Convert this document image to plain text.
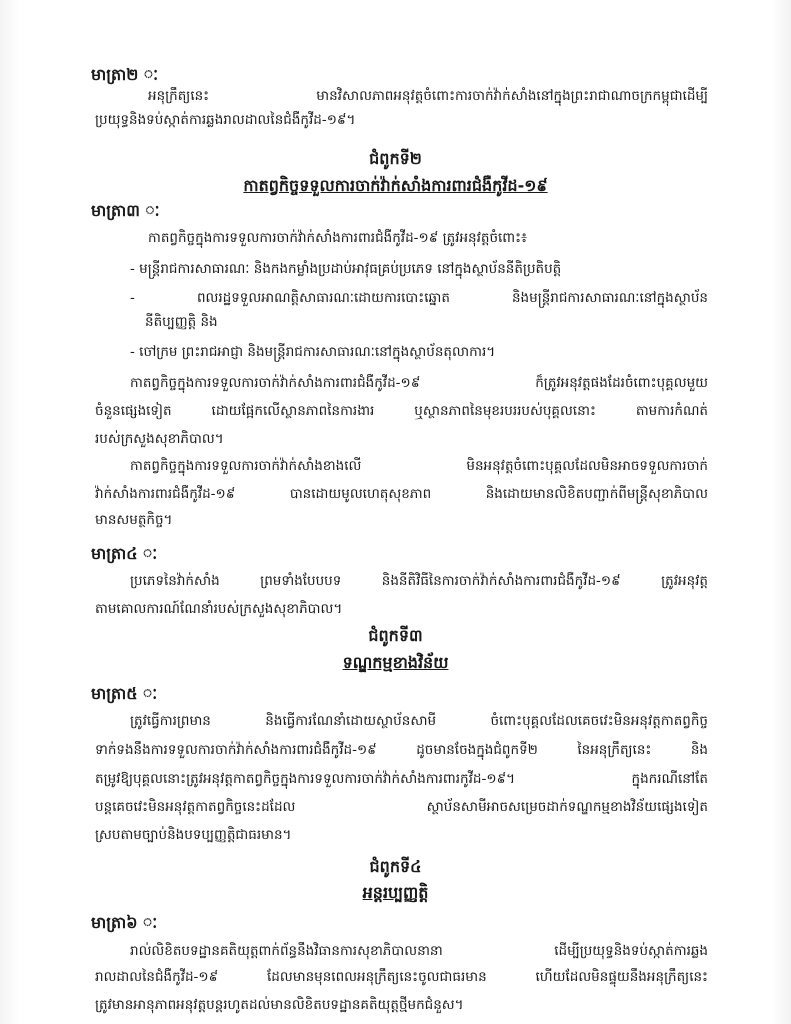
មាត្រា២ ៈ
អនុក្រឹត្យនេះ មានវិសាលភាពអនុវត្តចំពោះការចាក់វ៉ាក់សាំងនៅក្នុងព្រះរាជាណាចក្រកម្ពុជាដើម្បី
ប្រយុទ្ធនិងទប់ស្កាត់ការឆ្លងរាលដាលនៃជំងឺកូវីដ-១៩។
ជំពូកទី២
កាតព្វកិច្ចទទួលការចាក់វ៉ាក់សាំងការពារជំងឺកូវីដ-១៩
មាត្រា៣ ៈ
កាតព្វកិច្ចក្នុងការទទួលការចាក់វ៉ាក់សាំងការពារជំងឺកូវីដ-១៩ ត្រូវអនុវត្តចំពោះ៖
- មន្ត្រីរាជការសាធារណៈ និងកងកម្លាំងប្រដាប់អាវុធគ្រប់ប្រភេទ នៅក្នុងស្ថាប័ននីតិប្រតិបត្តិ
- ពលរដ្ឋទទួលអាណត្តិសាធារណៈដោយការបោះឆ្នោត និងមន្ត្រីរាជការសាធារណៈនៅក្នុងស្ថាប័ន
នីតិប្បញ្ញត្តិ និង
- ចៅក្រម ព្រះរាជអាជ្ញា និងមន្ត្រីរាជការសាធារណៈនៅក្នុងស្ថាប័នតុលាការ។
កាតព្វកិច្ចក្នុងការទទួលការចាក់វ៉ាក់សាំងការពារជំងឺកូវីដ-១៩ ក៏ត្រូវអនុវត្តផងដែរចំពោះបុគ្គលមួយ
ចំនួនផ្សេងទៀត ដោយផ្អែកលើស្ថានភាពនៃការងារ ឬស្ថានភាពនៃមុខរបររបស់បុគ្គលនោះ តាមការកំណត់
របស់ក្រសួងសុខាភិបាល។
កាតព្វកិច្ចក្នុងការទទួលការចាក់វ៉ាក់សាំងខាងលើ មិនអនុវត្តចំពោះបុគ្គលដែលមិនអាចទទួលការចាក់
វ៉ាក់សាំងការពារជំងឺកូវីដ-១៩ បានដោយមូលហេតុសុខភាព និងដោយមានលិខិតបញ្ជាក់ពីមន្ត្រីសុខាភិបាល
មានសមត្ថកិច្ច។
មាត្រា៤ ៈ
ប្រភេទនៃវ៉ាក់សាំង ព្រមទាំងបែបបទ និងនីតិវិធីនៃការចាក់វ៉ាក់សាំងការពារជំងឺកូវីដ-១៩ ត្រូវអនុវត្ត
តាមគោលការណ៍ណែនាំរបស់ក្រសួងសុខាភិបាល។
ជំពូកទី៣
ទណ្ឌកម្មខាងវិន័យ
មាត្រា៥ ៈ
ត្រូវធ្វើការព្រមាន និងធ្វើការណែនាំដោយស្ថាប័នសាមី ចំពោះបុគ្គលដែលគេចវេះមិនអនុវត្តកាតព្វកិច្ច
ទាក់ទងនឹងការទទួលការចាក់វ៉ាក់សាំងការពារជំងឺកូវីដ-១៩ ដូចមានចែងក្នុងជំពូកទី២ នៃអនុក្រឹត្យនេះ និង
តម្រូវឱ្យបុគ្គលនោះត្រូវអនុវត្តកាតព្វកិច្ចក្នុងការទទួលការចាក់វ៉ាក់សាំងការពារកូវីដ-១៩។ ក្នុងករណីនៅតែ
បន្តគេចវេះមិនអនុវត្តកាតព្វកិច្ចនេះដដែល ស្ថាប័នសាមីអាចសម្រេចដាក់ទណ្ឌកម្មខាងវិន័យផ្សេងទៀត
ស្របតាមច្បាប់និងបទប្បញ្ញត្តិជាធរមាន។
ជំពូកទី៤
អន្តរប្បញ្ញត្តិ
មាត្រា៦ ៈ
រាល់លិខិតបទដ្ឋានគតិយុត្តពាក់ព័ន្ធនឹងវិធានការសុខាភិបាលនានា ដើម្បីប្រយុទ្ធនិងទប់ស្កាត់ការឆ្លង
រាលដាលនៃជំងឺកូវីដ-១៩ ដែលមានមុនពេលអនុក្រឹត្យនេះចូលជាធរមាន ហើយដែលមិនផ្ទុយនឹងអនុក្រឹត្យនេះ
ត្រូវមានអានុភាពអនុវត្តបន្តរហូតដល់មានលិខិតបទដ្ឋានគតិយុត្តថ្មីមកជំនួស។
